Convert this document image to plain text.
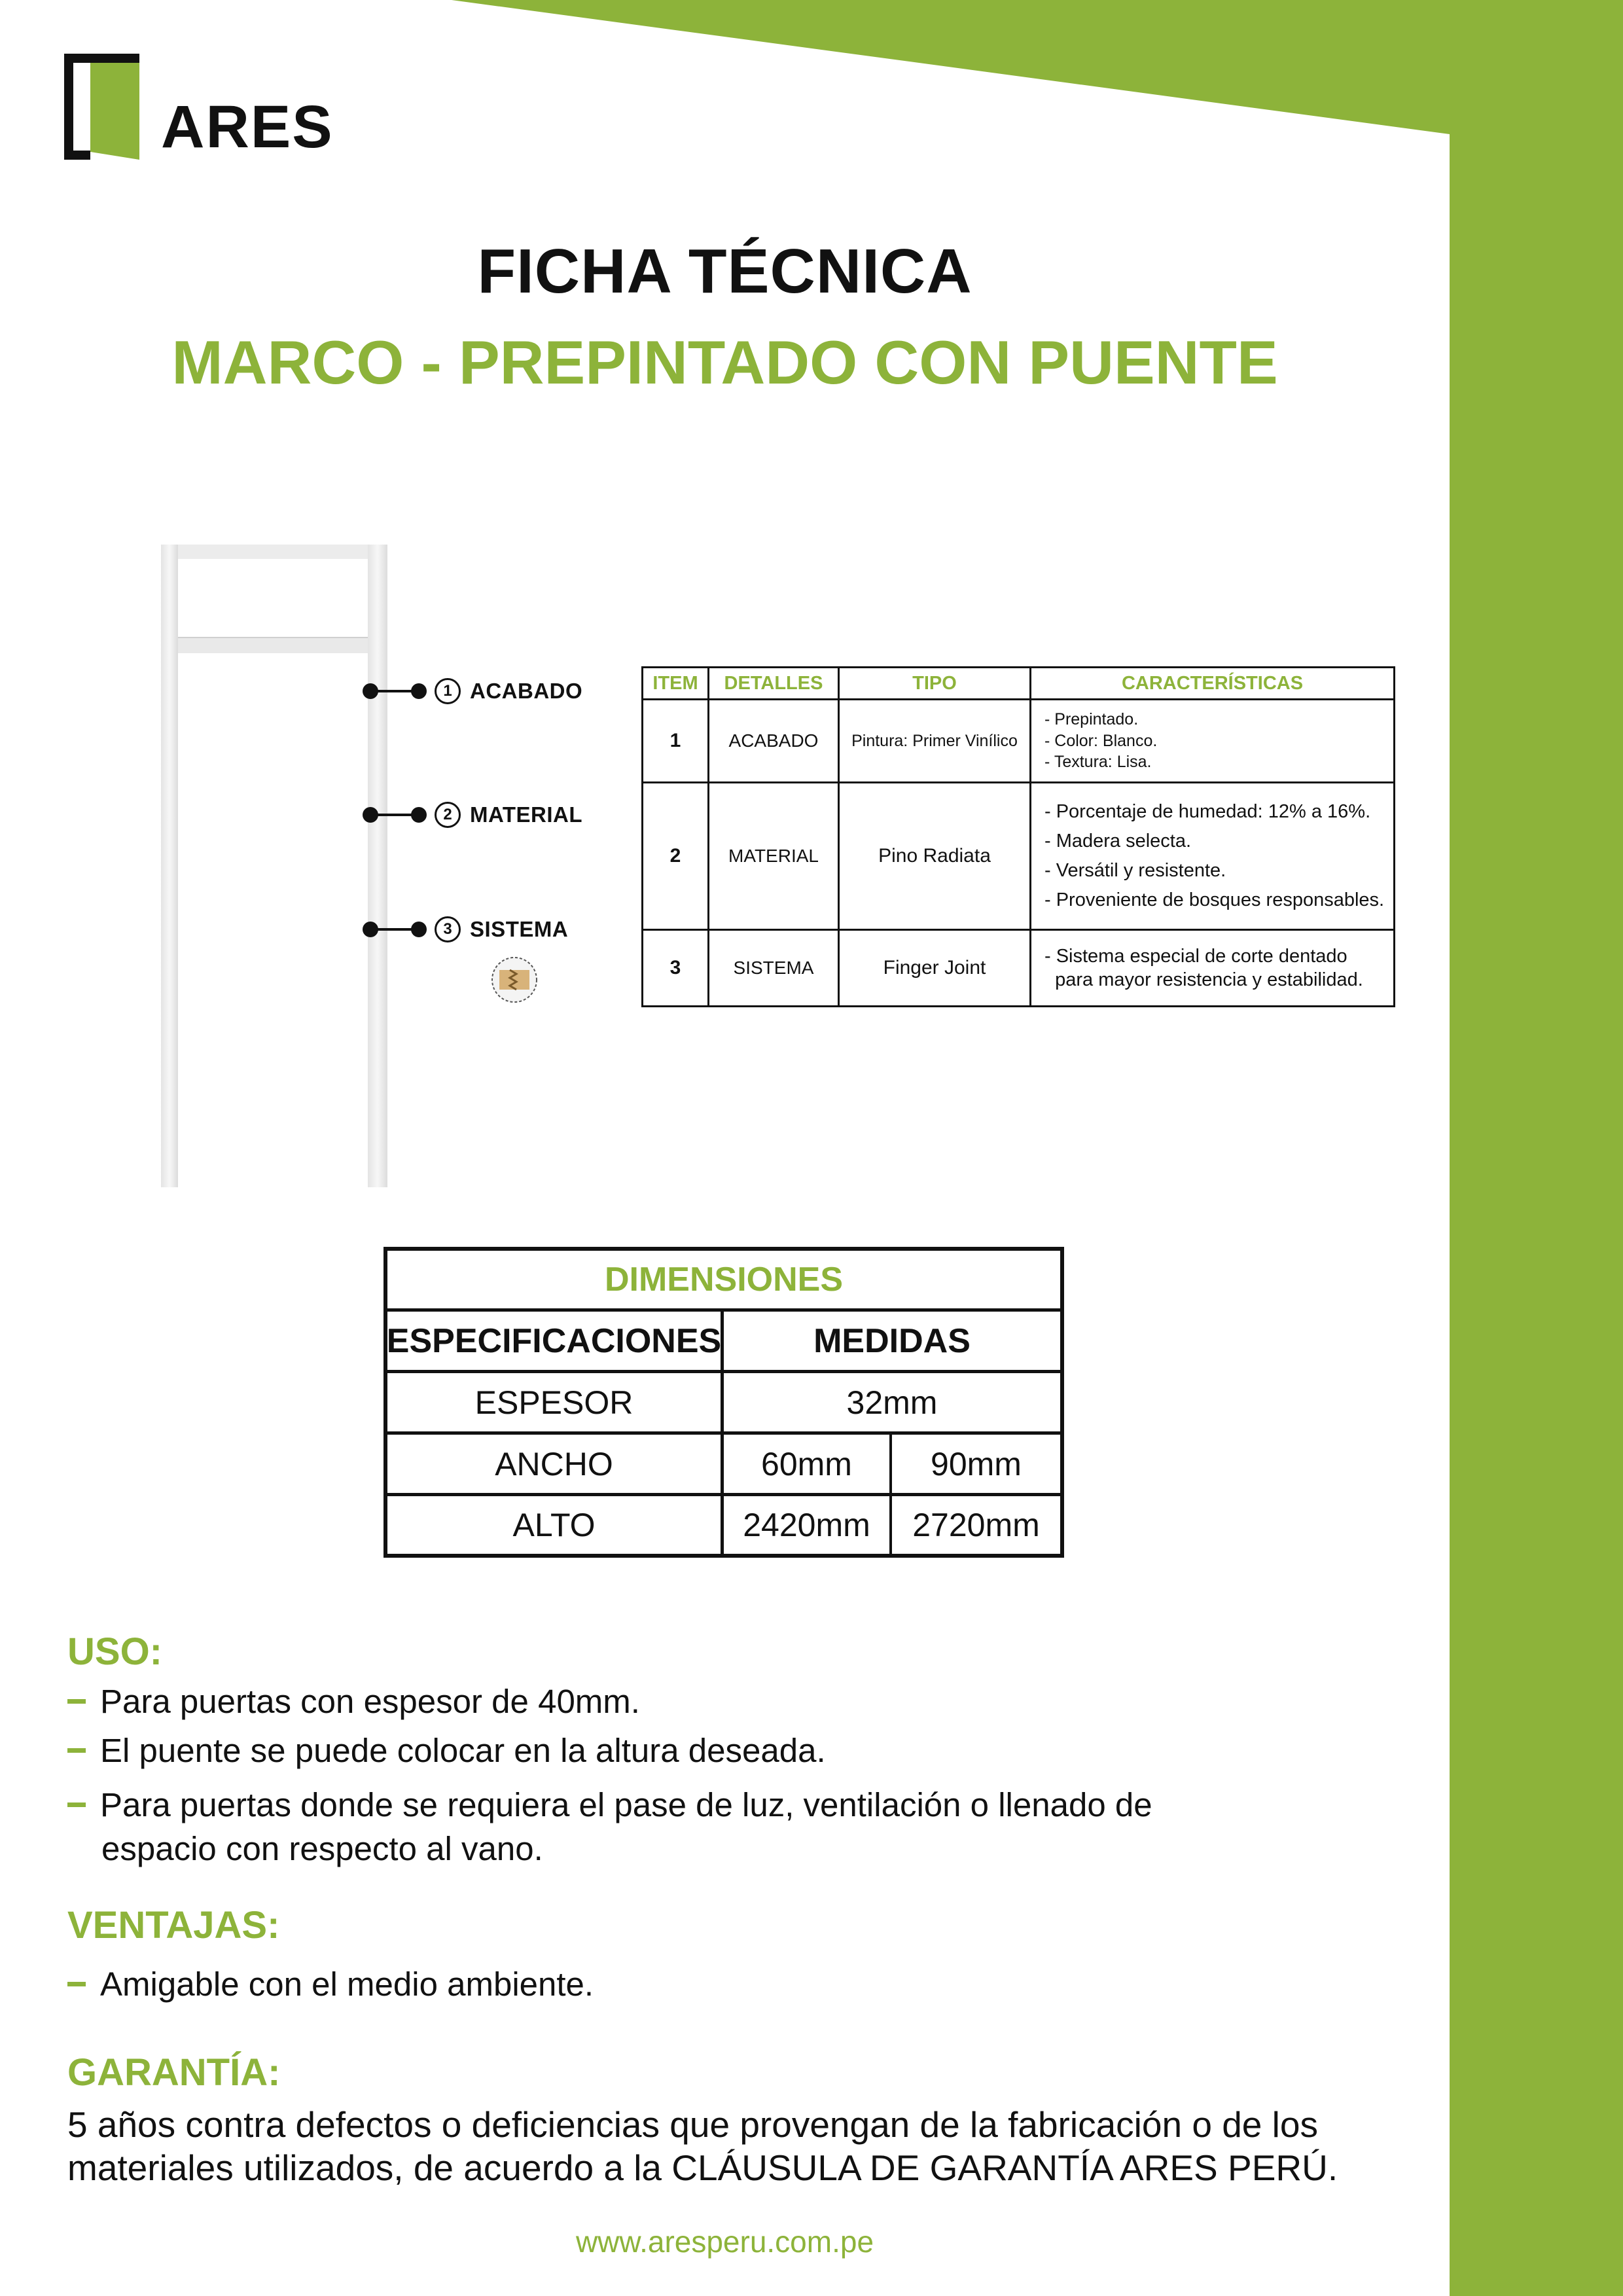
ARES
FICHA TÉCNICA
MARCO - PREPINTADO CON PUENTE
1 ACABADO
2 MATERIAL
3 SISTEMA
ITEM	DETALLES	TIPO	CARACTERÍSTICAS
1	ACABADO	Pintura: Primer Vinílico	- Prepintado.
- Color: Blanco.
- Textura: Lisa.

2	MATERIAL	Pino Radiata	- Porcentaje de humedad: 12% a 16%.
- Madera selecta.
- Versátil y resistente.
- Proveniente de bosques responsables.

3	SISTEMA	Finger Joint	- Sistema especial de corte dentado
para mayor resistencia y estabilidad.
DIMENSIONES
ESPECIFICACIONES	MEDIDAS
ESPESOR	32mm
ANCHO	60mm	90mm
ALTO	2420mm	2720mm
USO:
Para puertas con espesor de 40mm.
El puente se puede colocar en la altura deseada.
Para puertas donde se requiera el pase de luz, ventilación o llenado de
espacio con respecto al vano.
VENTAJAS:
Amigable con el medio ambiente.
GARANTÍA:
5 años contra defectos o deficiencias que provengan de la fabricación o de los
materiales utilizados, de acuerdo a la CLÁUSULA DE GARANTÍA ARES PERÚ.
www.aresperu.com.pe
